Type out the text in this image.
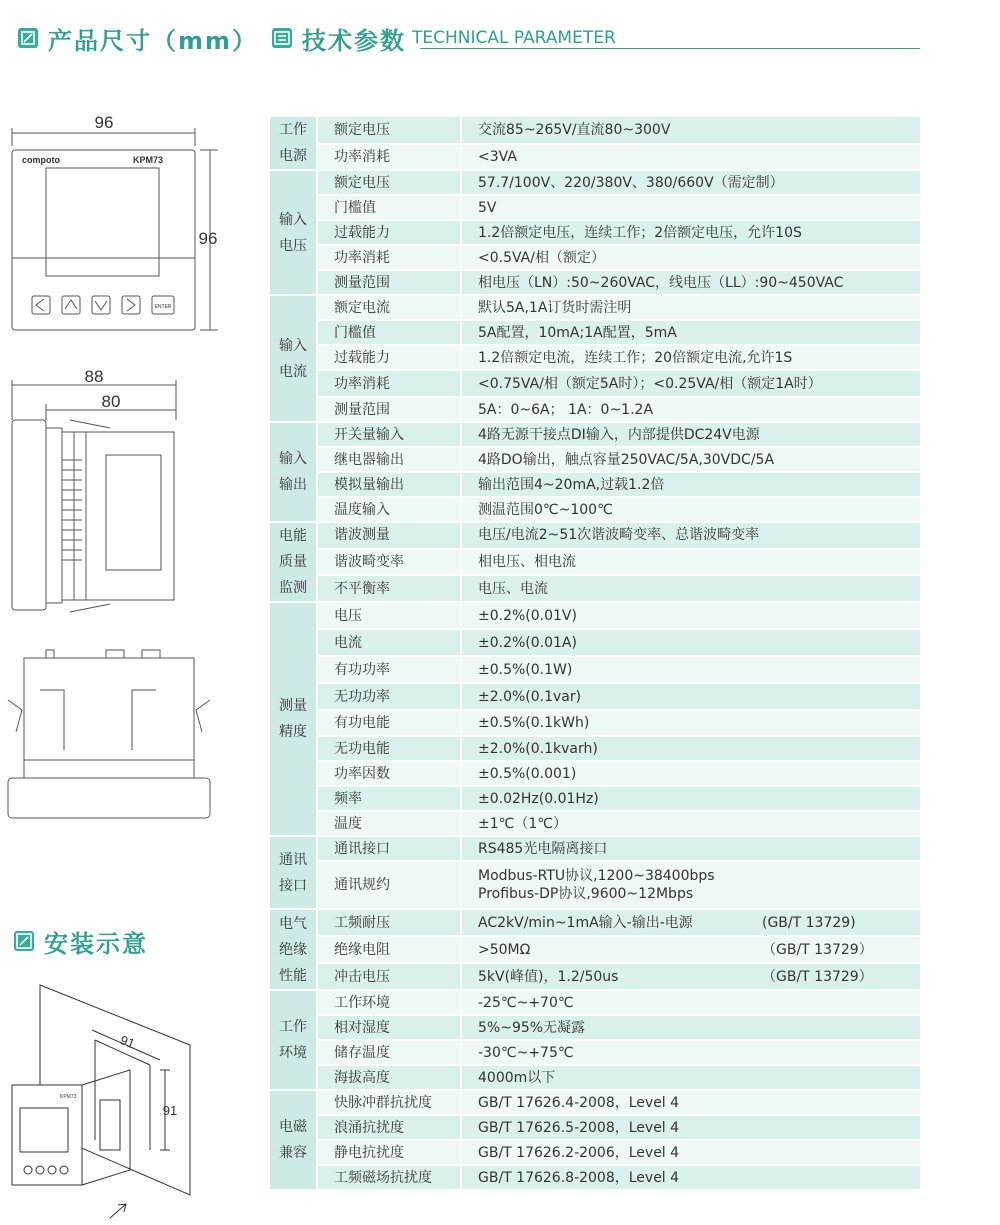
产品尺寸（mm） 技术参数 TECHNICAL PARAMETER
安装示意
96
96
compoto	KPM73
ENTER
88
80
91
91
KPM73
工作
电源	额定电压	交流85~265V/直流80~300V
	功率消耗	<3VA
输入
电压	额定电压	57.7/100V、220/380V、380/660V（需定制）
	门槛值	5V
	过载能力	1.2倍额定电压，连续工作；2倍额定电压，允许10S
	功率消耗	<0.5VA/相（额定）
	测量范围	相电压（LN）:50~260VAC，线电压（LL）:90~450VAC
输入
电流	额定电流	默认5A,1A订货时需注明
	门槛值	5A配置，10mA;1A配置，5mA
	过载能力	1.2倍额定电流，连续工作；20倍额定电流,允许1S
	功率消耗	<0.75VA/相（额定5A时）；<0.25VA/相（额定1A时）
	测量范围	5A：0~6A； 1A：0~1.2A
输入
输出	开关量输入	4路无源干接点DI输入，内部提供DC24V电源
	继电器输出	4路DO输出，触点容量250VAC/5A,30VDC/5A
	模拟量输出	输出范围4~20mA,过载1.2倍
	温度输入	测温范围0℃~100℃
电能
质量
监测	谐波测量	电压/电流2~51次谐波畸变率、总谐波畸变率
	谐波畸变率	相电压、相电流
	不平衡率	电压、电流
测量
精度	电压	±0.2%(0.01V)
	电流	±0.2%(0.01A)
	有功功率	±0.5%(0.1W)
	无功功率	±2.0%(0.1var)
	有功电能	±0.5%(0.1kWh)
	无功电能	±2.0%(0.1kvarh)
	功率因数	±0.5%(0.001)
	频率	±0.02Hz(0.01Hz)
	温度	±1℃（1℃）
通讯
接口	通讯接口	RS485光电隔离接口
	通讯规约	Modbus-RTU协议,1200~38400bps
Profibus-DP协议,9600~12Mbps
电气
绝缘
性能	工频耐压	AC2kV/min~1mA输入-输出-电源 (GB/T 13729)

	绝缘电阻	>50MΩ （GB/T 13729）

	冲击电压	5kV(峰值)，1.2/50us （GB/T 13729）

工作
环境	工作环境	-25℃~+70℃
	相对湿度	5%~95%无凝露
	储存温度	-30℃~+75℃
	海拔高度	4000m以下
电磁
兼容	快脉冲群抗扰度	GB/T 17626.4-2008，Level 4
	浪涌抗扰度	GB/T 17626.5-2008，Level 4
	静电抗扰度	GB/T 17626.2-2006，Level 4
	工频磁场抗扰度	GB/T 17626.8-2008，Level 4
